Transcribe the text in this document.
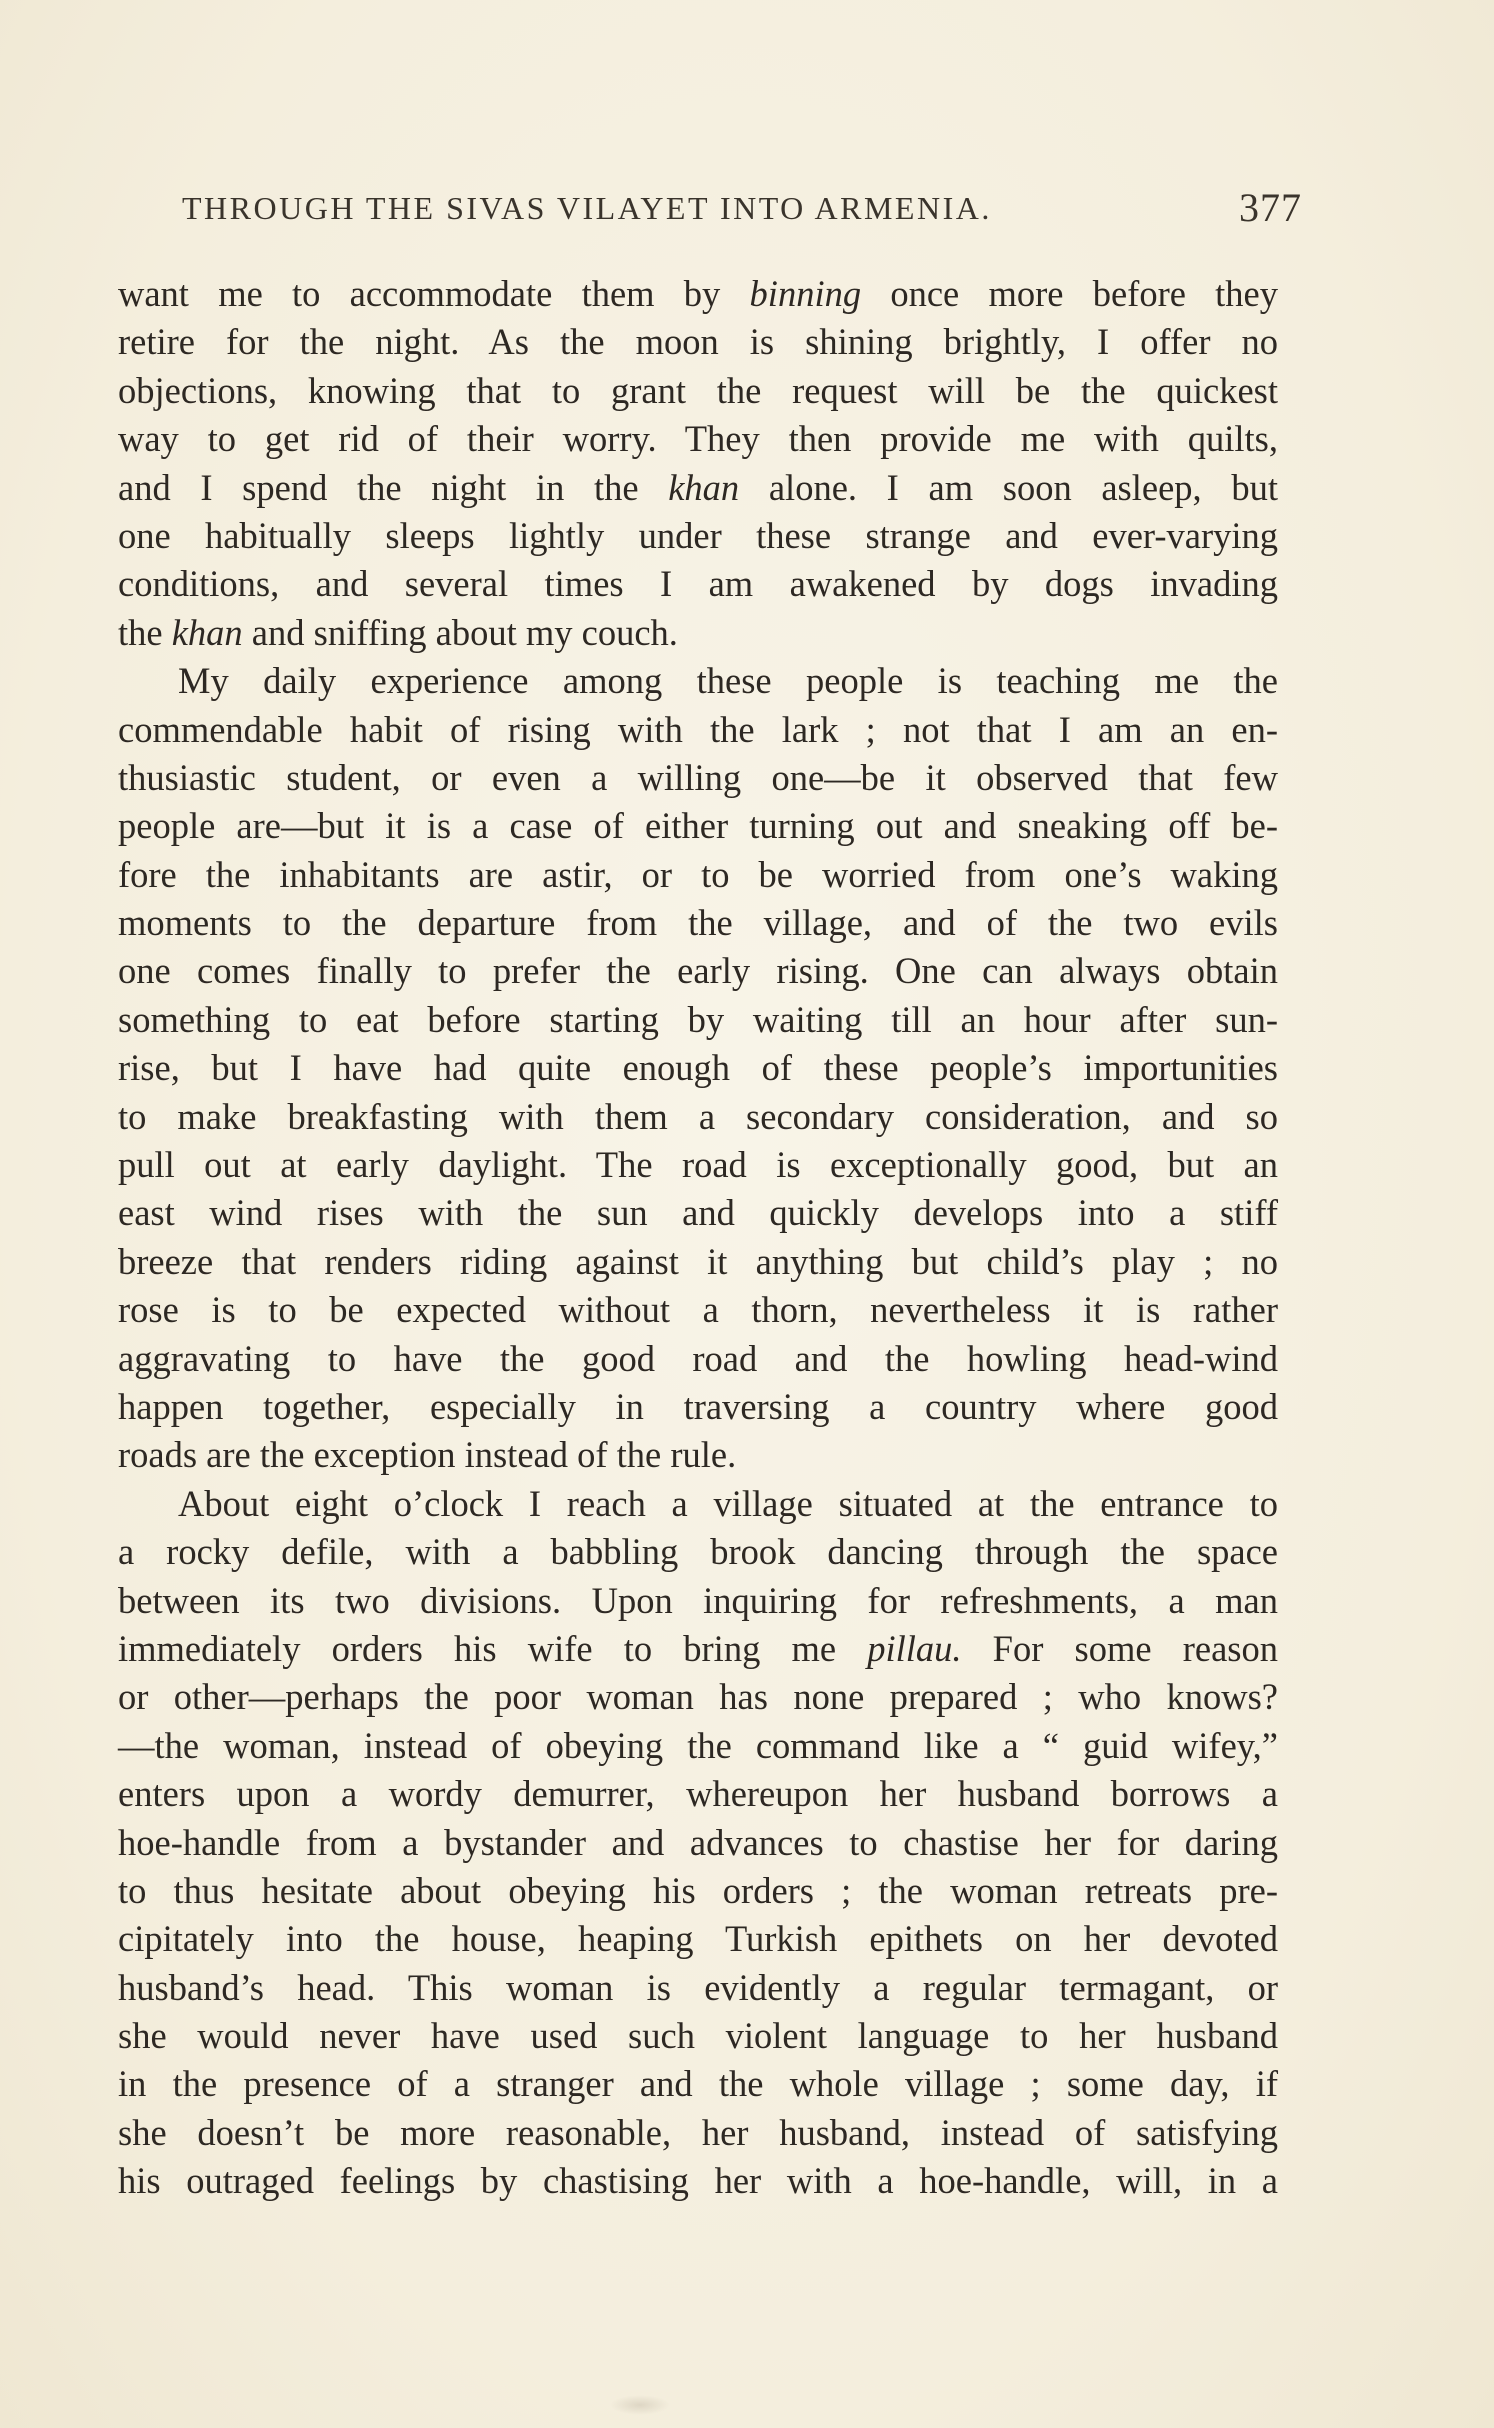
THROUGH THE SIVAS VILAYET INTO ARMENIA.	377
want me to accommodate them by binning once more before they
retire for the night. As the moon is shining brightly, I offer no
objections, knowing that to grant the request will be the quickest
way to get rid of their worry. They then provide me with quilts,
and I spend the night in the khan alone. I am soon asleep, but
one habitually sleeps lightly under these strange and ever-varying
conditions, and several times I am awakened by dogs invading
the khan and sniffing about my couch.
My daily experience among these people is teaching me the
commendable habit of rising with the lark ; not that I am an en-
thusiastic student, or even a willing one—be it observed that few
people are—but it is a case of either turning out and sneaking off be-
fore the inhabitants are astir, or to be worried from one’s waking
moments to the departure from the village, and of the two evils
one comes finally to prefer the early rising. One can always obtain
something to eat before starting by waiting till an hour after sun-
rise, but I have had quite enough of these people’s importunities
to make breakfasting with them a secondary consideration, and so
pull out at early daylight. The road is exceptionally good, but an
east wind rises with the sun and quickly develops into a stiff
breeze that renders riding against it anything but child’s play ; no
rose is to be expected without a thorn, nevertheless it is rather
aggravating to have the good road and the howling head-wind
happen together, especially in traversing a country where good
roads are the exception instead of the rule.
About eight o’clock I reach a village situated at the entrance to
a rocky defile, with a babbling brook dancing through the space
between its two divisions. Upon inquiring for refreshments, a man
immediately orders his wife to bring me pillau. For some reason
or other—perhaps the poor woman has none prepared ; who knows?
—the woman, instead of obeying the command like a “ guid wifey,”
enters upon a wordy demurrer, whereupon her husband borrows a
hoe-handle from a bystander and advances to chastise her for daring
to thus hesitate about obeying his orders ; the woman retreats pre-
cipitately into the house, heaping Turkish epithets on her devoted
husband’s head. This woman is evidently a regular termagant, or
she would never have used such violent language to her husband
in the presence of a stranger and the whole village ; some day, if
she doesn’t be more reasonable, her husband, instead of satisfying
his outraged feelings by chastising her with a hoe-handle, will, in a
